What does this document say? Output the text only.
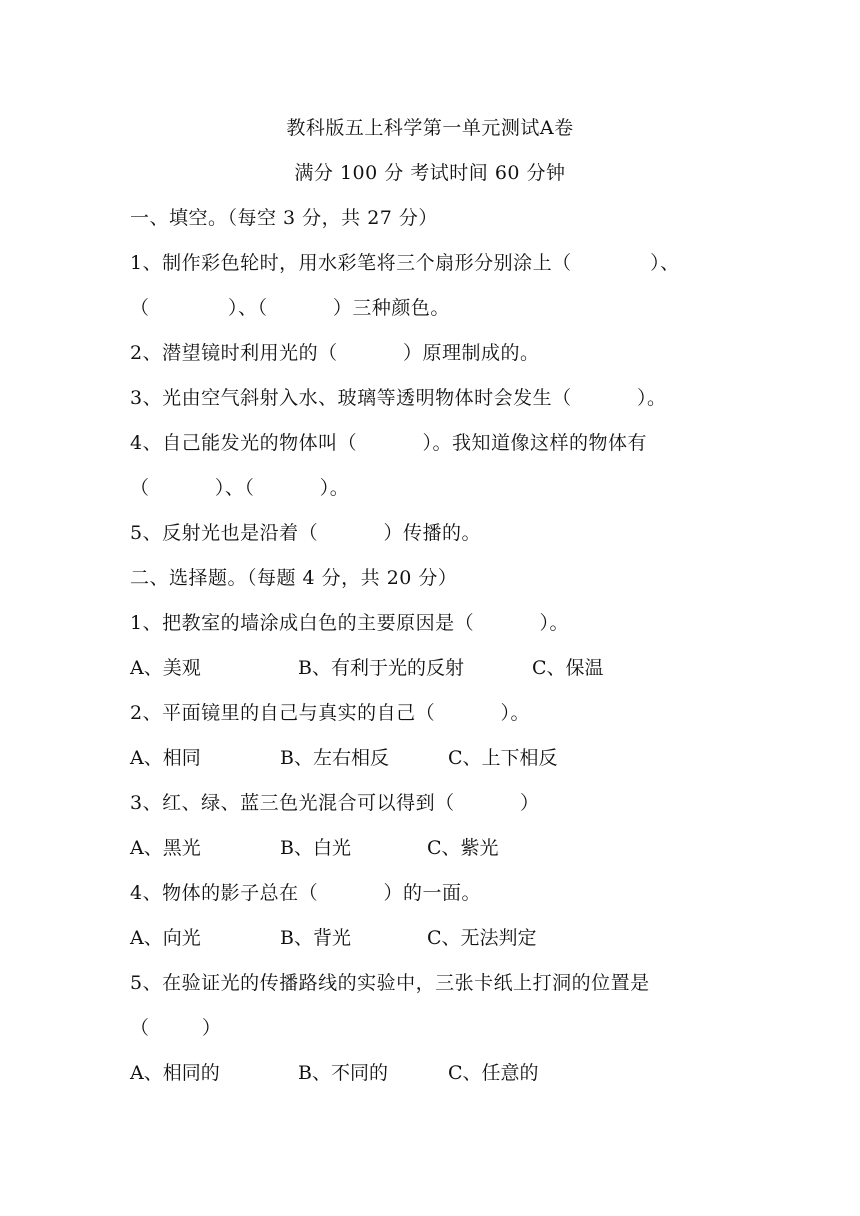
教科版五上科学第一单元测试A卷
满分 100 分 考试时间 60 分钟
一、填空。（每空 3 分，共 27 分）
1、制作彩色轮时，用水彩笔将三个扇形分别涂上（            ）、
（            ）、（          ）三种颜色。
2、潜望镜时利用光的（          ）原理制成的。
3、光由空气斜射入水、玻璃等透明物体时会发生（          ）。
4、自己能发光的物体叫（          ）。我知道像这样的物体有
（          ）、（          ）。
5、反射光也是沿着（          ）传播的。
二、选择题。（每题 4 分，共 20 分）
1、把教室的墙涂成白色的主要原因是（          ）。
A、美观	B、有利于光的反射	C、保温
2、平面镜里的自己与真实的自己（          ）。
A、相同	B、左右相反	C、上下相反
3、红、绿、蓝三色光混合可以得到（          ）
A、黑光	B、白光	C、紫光
4、物体的影子总在（          ）的一面。
A、向光	B、背光	C、无法判定
5、在验证光的传播路线的实验中，三张卡纸上打洞的位置是
（        ）
A、相同的	B、不同的	C、任意的
